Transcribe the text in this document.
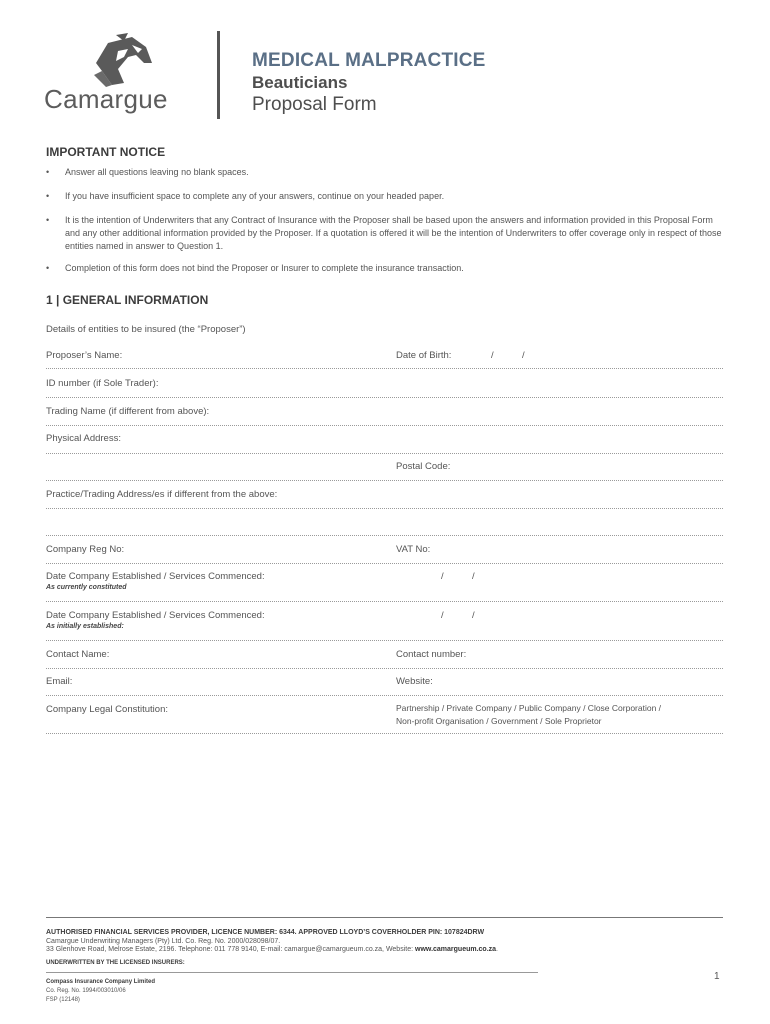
Camargue
MEDICAL MALPRACTICE
Beauticians
Proposal Form
IMPORTANT NOTICE
• Answer all questions leaving no blank spaces.
• If you have insufficient space to complete any of your answers, continue on your headed paper.
• It is the intention of Underwriters that any Contract of Insurance with the Proposer shall be based upon the answers and information provided in this Proposal Form and any other additional information provided by the Proposer. If a quotation is offered it will be the intention of Underwriters to offer coverage only in respect of those entities named in answer to Question 1.
• Completion of this form does not bind the Proposer or Insurer to complete the insurance transaction.
1 | GENERAL INFORMATION
Details of entities to be insured (the “Proposer”)
Proposer’s Name:	Date of Birth:	/	/
ID number (if Sole Trader):
Trading Name (if different from above):
Physical Address:
Postal Code:
Practice/Trading Address/es if different from the above:
Company Reg No:	VAT No:
Date Company Established / Services Commenced:	/	/
As currently constituted
Date Company Established / Services Commenced:	/	/
As initially established:
Contact Name:	Contact number:
Email:	Website:
Company Legal Constitution:	Partnership / Private Company / Public Company / Close Corporation /
Non-profit Organisation / Government / Sole Proprietor
AUTHORISED FINANCIAL SERVICES PROVIDER, LICENCE NUMBER: 6344. APPROVED LLOYD’S COVERHOLDER PIN: 107824DRW
Camargue Underwriting Managers (Pty) Ltd. Co. Reg. No. 2000/028098/07.
33 Glenhove Road, Melrose Estate, 2196. Telephone: 011 778 9140, E-mail: camargue@camargueum.co.za, Website: www.camargueum.co.za.
UNDERWRITTEN BY THE LICENSED INSURERS:
1
Compass Insurance Company Limited
Co. Reg. No. 1994/003010/06
FSP (12148)
